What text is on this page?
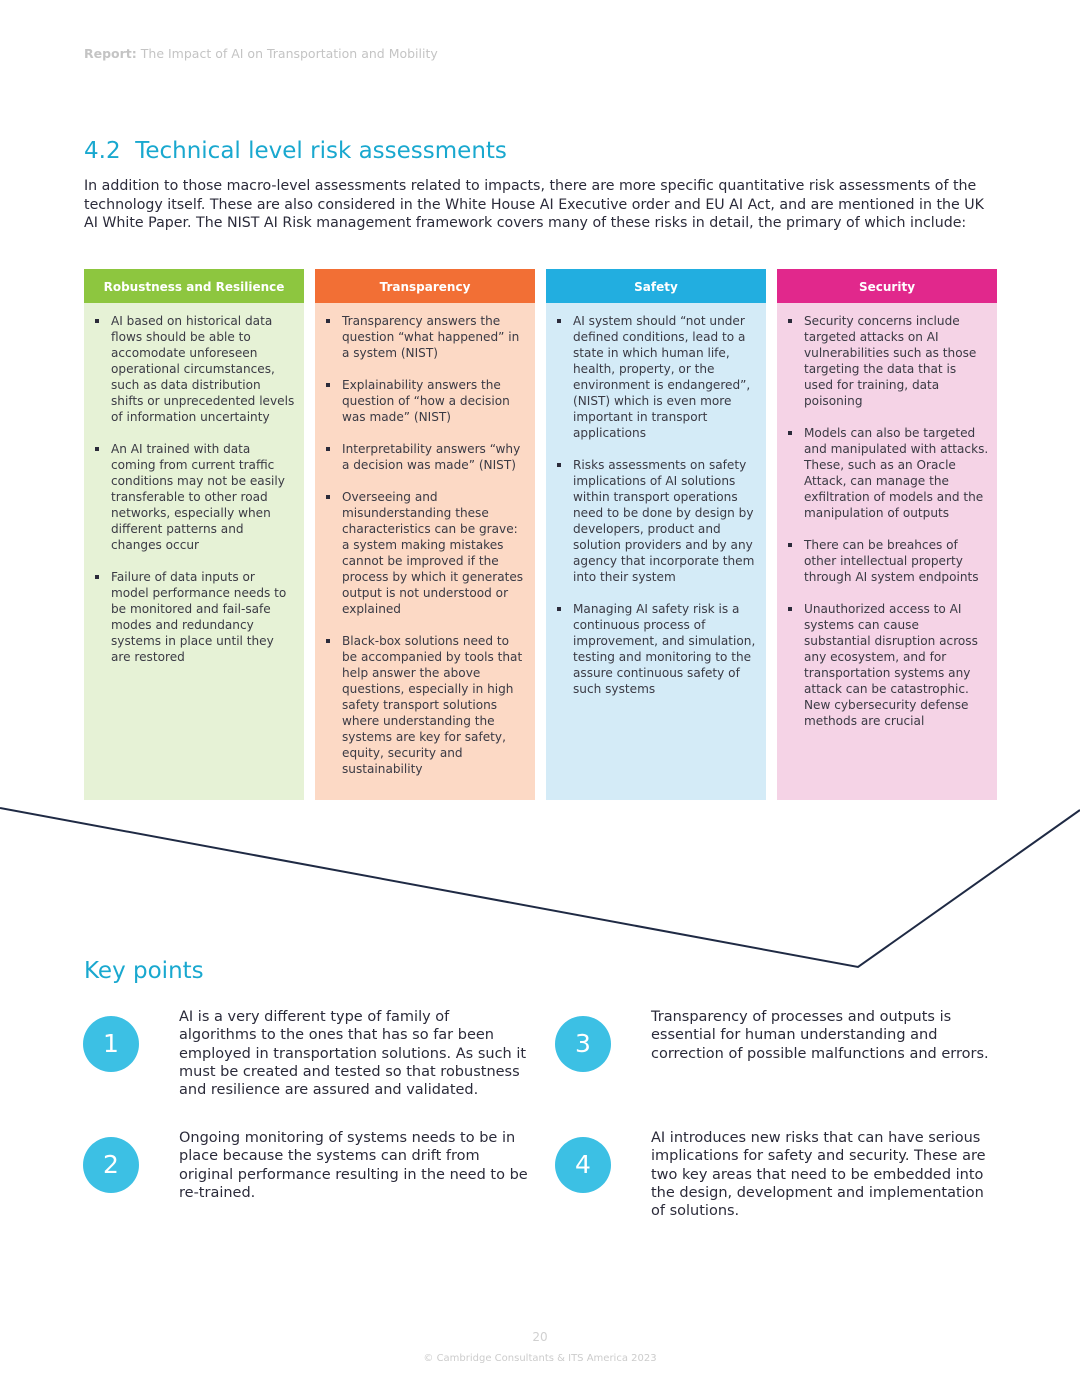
Report: The Impact of AI on Transportation and Mobility
4.2 Technical level risk assessments

In addition to those macro-level assessments related to impacts, there are more specific quantitative risk assessments of the technology itself. These are also considered in the White House AI Executive order and EU AI Act, and are mentioned in the UK AI White Paper. The NIST AI Risk management framework covers many of these risks in detail, the primary of which include:

Robustness and Resilience
AI based on historical data flows should be able to accomodate unforeseen operational circumstances, such as data distribution shifts or unprecedented levels of information uncertainty
An AI trained with data coming from current traffic conditions may not be easily transferable to other road networks, especially when different patterns and changes occur
Failure of data inputs or model performance needs to be monitored and fail-safe modes and redundancy systems in place until they are restored
Transparency
Transparency answers the question “what happened” in a system (NIST)
Explainability answers the question of “how a decision was made” (NIST)
Interpretability answers “why a decision was made” (NIST)
Overseeing and misunderstanding these characteristics can be grave: a system making mistakes cannot be improved if the process by which it generates output is not understood or explained
Black-box solutions need to be accompanied by tools that help answer the above questions, especially in high safety transport solutions where understanding the systems are key for safety, equity, security and sustainability
Safety
AI system should “not under defined conditions, lead to a state in which human life, health, property, or the environment is endangered”, (NIST) which is even more important in transport applications
Risks assessments on safety implications of AI solutions within transport operations need to be done by design by developers, product and solution providers and by any agency that incorporate them into their system
Managing AI safety risk is a continuous process of improvement, and simulation, testing and monitoring to the assure continuous safety of such systems
Security
Security concerns include targeted attacks on AI vulnerabilities such as those targeting the data that is used for training, data poisoning
Models can also be targeted and manipulated with attacks. These, such as an Oracle Attack, can manage the exfiltration of models and the manipulation of outputs
There can be breahces of other intellectual property through AI system endpoints
Unauthorized access to AI systems can cause substantial disruption across any ecosystem, and for transportation systems any attack can be catastrophic. New cybersecurity defense methods are crucial
Key points
1
AI is a very different type of family of algorithms to the ones that has so far been employed in transportation solutions. As such it must be created and tested so that robustness and resilience are assured and validated.
2
Ongoing monitoring of systems needs to be in place because the systems can drift from original performance resulting in the need to be re-trained.
3
Transparency of processes and outputs is essential for human understanding and correction of possible malfunctions and errors.
4
AI introduces new risks that can have serious implications for safety and security. These are two key areas that need to be embedded into the design, development and implementation of solutions.
20
© Cambridge Consultants & ITS America 2023
